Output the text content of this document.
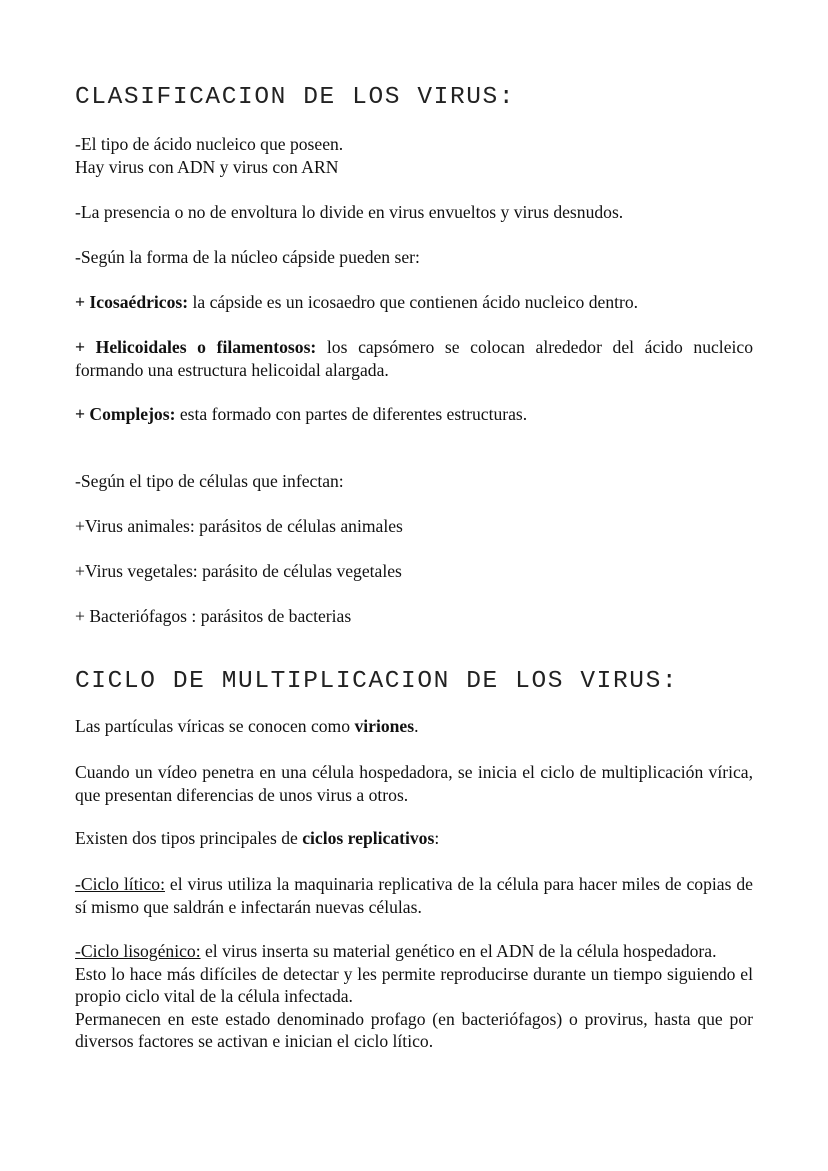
CLASIFICACION DE LOS VIRUS:
-El tipo de ácido nucleico que poseen.
Hay virus con ADN y virus con ARN

-La presencia o no de envoltura lo divide en virus envueltos y virus desnudos.

-Según la forma de la núcleo cápside pueden ser:

+ Icosaédricos: la cápside es un icosaedro que contienen ácido nucleico dentro.

+ Helicoidales o filamentosos: los capsómero se colocan alrededor del ácido nucleico formando una estructura helicoidal alargada.

+ Complejos: esta formado con partes de diferentes estructuras.

-Según el tipo de células que infectan:

+Virus animales: parásitos de células animales

+Virus vegetales: parásito de células vegetales

+ Bacteriófagos : parásitos de bacterias

CICLO DE MULTIPLICACION DE LOS VIRUS:

Las partículas víricas se conocen como viriones.

Cuando un vídeo penetra en una célula hospedadora, se inicia el ciclo de multiplicación vírica, que presentan diferencias de unos virus a otros.

Existen dos tipos principales de ciclos replicativos:

-Ciclo lítico: el virus utiliza la maquinaria replicativa de la célula para hacer miles de copias de sí mismo que saldrán e infectarán nuevas células.

-Ciclo lisogénico: el virus inserta su material genético en el ADN de la célula hospedadora.
Esto lo hace más difíciles de detectar y les permite reproducirse durante un tiempo siguiendo el propio ciclo vital de la célula infectada.
Permanecen en este estado denominado profago (en bacteriófagos) o provirus, hasta que por diversos factores se activan e inician el ciclo lítico.
